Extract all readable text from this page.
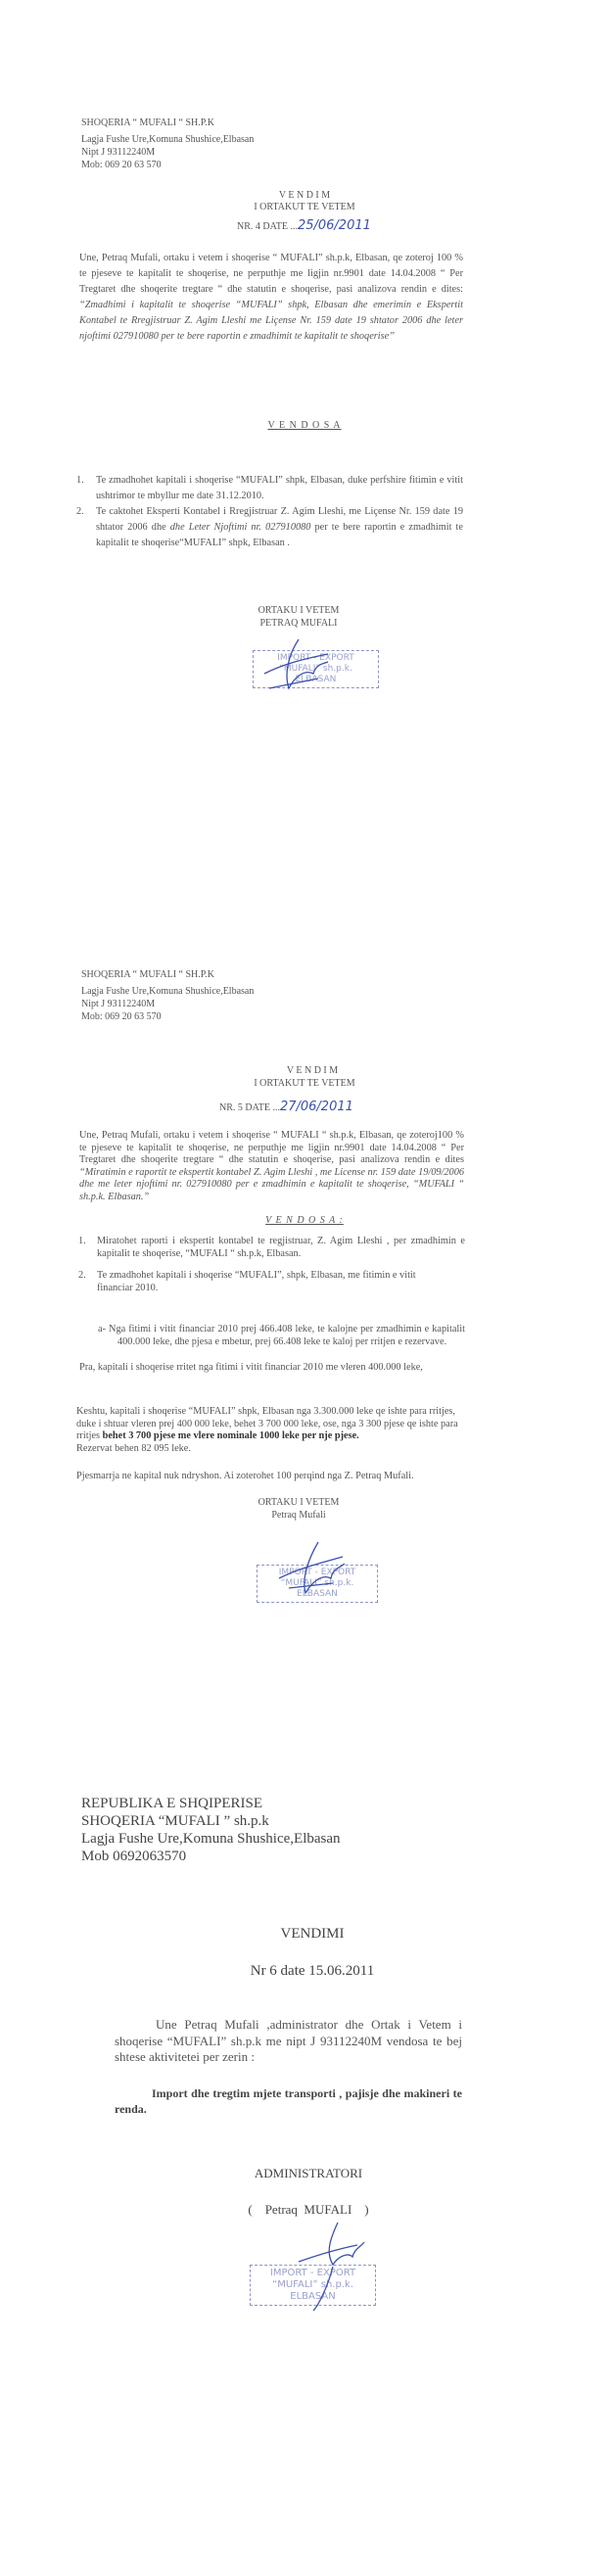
SHOQERIA “ MUFALI “ SH.P.K
Lagja Fushe Ure,Komuna Shushice,Elbasan
Nipt J 93112240M
Mob: 069 20 63 570
V E N D I M
I ORTAKUT TE VETEM
NR. 4 DATE ...25/06/2011
Une, Petraq Mufali, ortaku i vetem i shoqerise “ MUFALI” sh.p.k, Elbasan, qe zoteroj 100 % te pjeseve te kapitalit te shoqerise, ne perputhje me ligjin nr.9901 date 14.04.2008 “ Per Tregtaret dhe shoqerite tregtare “ dhe statutin e shoqerise, pasi analizova rendin e dites: “Zmadhimi i kapitalit te shoqerise “MUFALI” shpk, Elbasan dhe emerimin e Ekspertit Kontabel te Rregjistruar Z. Agim Lleshi me Liçense Nr. 159 date 19 shtator 2006 dhe leter njoftimi 027910080 per te bere raportin e zmadhimit te kapitalit te shoqerise”
V E N D O S A
1.	Te zmadhohet kapitali i shoqerise “MUFALI” shpk, Elbasan, duke perfshire fitimin e vitit ushtrimor te mbyllur me date 31.12.2010.
2.	Te caktohet Eksperti Kontabel i Rregjistruar Z. Agim Lleshi, me Liçense Nr. 159 date 19 shtator 2006 dhe dhe Leter Njoftimi nr. 027910080 per te bere raportin e zmadhimit te kapitalit te shoqerise“MUFALI” shpk, Elbasan .
ORTAKU I VETEM
PETRAQ MUFALI
IMPORT - EXPORT
“MUFALI” sh.p.k.
ELBASAN
SHOQERIA “ MUFALI “ SH.P.K
Lagja Fushe Ure,Komuna Shushice,Elbasan
Nipt J 93112240M
Mob: 069 20 63 570
V E N D I M
I ORTAKUT TE VETEM
NR. 5 DATE ...27/06/2011
Une, Petraq Mufali, ortaku i vetem i shoqerise “ MUFALI “ sh.p.k, Elbasan, qe zoteroj100 % te pjeseve te kapitalit te shoqerise, ne perputhje me ligjin nr.9901 date 14.04.2008 “ Per Tregtaret dhe shoqerite tregtare “ dhe statutin e shoqerise, pasi analizova rendin e dites “Miratimin e raportit te ekspertit kontabel Z. Agim Lleshi , me License nr. 159 date 19/09/2006 dhe me leter njoftimi nr. 027910080 per e zmadhimin e kapitalit te shoqerise, “MUFALI “ sh.p.k. Elbasan.”
V E N D O S A :
1.	Miratohet raporti i ekspertit kontabel te regjistruar, Z. Agim Lleshi , per zmadhimin e kapitalit te shoqerise, “MUFALI “ sh.p.k, Elbasan.
2.	Te zmadhohet kapitali i shoqerise “MUFALI”, shpk, Elbasan, me fitimin e vitit financiar 2010.
a- Nga fitimi i vitit financiar 2010 prej 466.408 leke, te kalojne per zmadhimin e kapitalit 400.000 leke, dhe pjesa e mbetur, prej 66.408 leke te kaloj per rritjen e rezervave.
Pra, kapitali i shoqerise rritet nga fitimi i vitit financiar 2010 me vleren 400.000 leke,
Keshtu, kapitali i shoqerise “MUFALI” shpk, Elbasan nga 3.300.000 leke qe ishte para rritjes, duke i shtuar vleren prej 400 000 leke, behet 3 700 000 leke, ose, nga 3 300 pjese qe ishte para rritjes behet 3 700 pjese me vlere nominale 1000 leke per nje pjese.
Rezervat behen 82 095 leke.
Pjesmarrja ne kapital nuk ndryshon. Ai zoterohet 100 perqind nga Z. Petraq Mufali.
ORTAKU I VETEM
Petraq Mufali
IMPORT - EXPORT
“MUFALI” sh.p.k.
ELBASAN
REPUBLIKA E SHQIPERISE
SHOQERIA “MUFALI ” sh.p.k
Lagja Fushe Ure,Komuna Shushice,Elbasan
Mob 0692063570
VENDIMI
Nr 6 date 15.06.2011
Une Petraq Mufali ,administrator dhe Ortak i Vetem i shoqerise “MUFALI” sh.p.k me nipt J 93112240M vendosa te bej shtese aktivitetei per zerin :
Import dhe tregtim mjete transporti , pajisje dhe makineri te renda.
ADMINISTRATORI
(    Petraq  MUFALI    )
IMPORT - EXPORT
“MUFALI” sh.p.k.
ELBASAN
